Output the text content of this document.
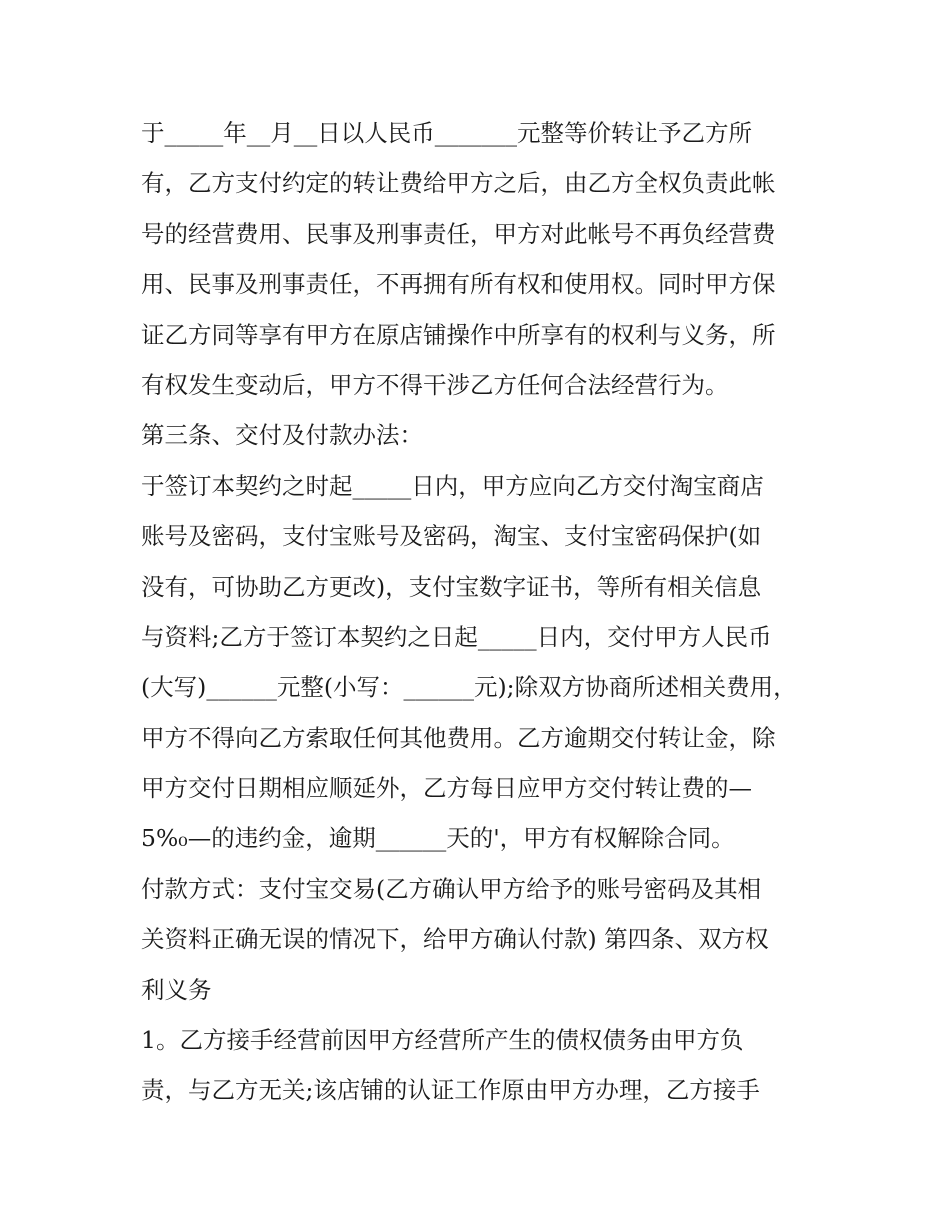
于_____年__月__日以人民币_______元整等价转让予乙方所
有，乙方支付约定的转让费给甲方之后，由乙方全权负责此帐
号的经营费用、民事及刑事责任，甲方对此帐号不再负经营费
用、民事及刑事责任，不再拥有所有权和使用权。同时甲方保
证乙方同等享有甲方在原店铺操作中所享有的权利与义务，所
有权发生变动后，甲方不得干涉乙方任何合法经营行为。
第三条、交付及付款办法：
于签订本契约之时起_____日内，甲方应向乙方交付淘宝商店
账号及密码，支付宝账号及密码，淘宝、支付宝密码保护(如
没有，可协助乙方更改)，支付宝数字证书，等所有相关信息
与资料;乙方于签订本契约之日起_____日内，交付甲方人民币
(大写)______元整(小写：______元);除双方协商所述相关费用，
甲方不得向乙方索取任何其他费用。乙方逾期交付转让金，除
甲方交付日期相应顺延外，乙方每日应甲方交付转让费的—
5%₀—的违约金，逾期______天的'，甲方有权解除合同。
付款方式：支付宝交易(乙方确认甲方给予的账号密码及其相
关资料正确无误的情况下，给甲方确认付款) 第四条、双方权
利义务
1。乙方接手经营前因甲方经营所产生的债权债务由甲方负
责，与乙方无关;该店铺的认证工作原由甲方办理，乙方接手
